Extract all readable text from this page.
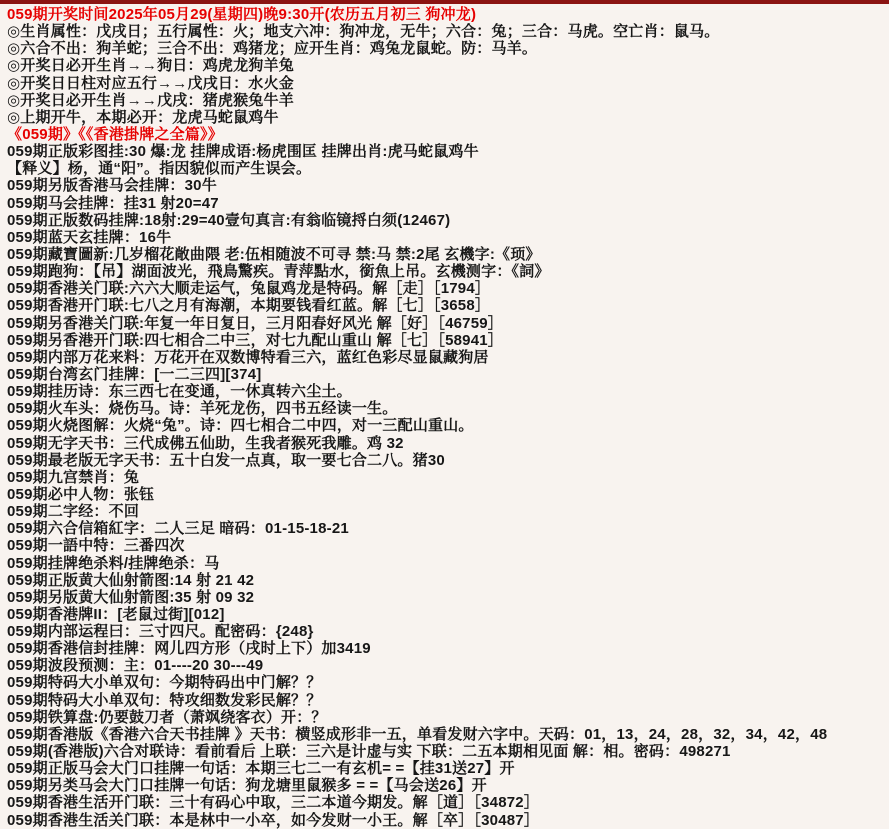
059期开奖时间2025年05月29(星期四)晚9:30开(农历五月初三 狗冲龙)
◎生肖属性：戊戌日；五行属性：火；地支六冲：狗冲龙，无牛；六合：兔；三合：马虎。空亡肖：鼠马。
◎六合不出：狗羊蛇；三合不出：鸡猪龙；应开生肖：鸡兔龙鼠蛇。防：马羊。
◎开奖日必开生肖→→狗日：鸡虎龙狗羊兔
◎开奖日日柱对应五行→→戊戌日：水火金
◎开奖日必开生肖→→戊戌：猪虎猴兔牛羊
◎上期开牛，本期必开：龙虎马蛇鼠鸡牛
《059期》《《香港掛牌之全篇》》
059期正版彩图挂:30 爆:龙 挂牌成语:杨虎围匡 挂牌出肖:虎马蛇鼠鸡牛
【释义】杨，通“阳”。指因貌似而产生误会。
059期另版香港马会挂牌：30牛
059期马会挂牌：挂31 射20=47
059期正版数码挂牌:18射:29=40壹句真言:有翁临镜捋白须(12467)
059期蓝天玄挂牌：16牛
059期藏寶圖新:几岁榴花敞曲隈 老:伍相随波不可寻 禁:马 禁:2尾 玄機字:《顼》
059期跑狗：【吊】湖面波光，飛鳥驚疾。青萍點水，銜魚上吊。玄機测字：《詞》
059期香港关门联:六六大顺走运气，兔鼠鸡龙是特码。解［走］［1794］
059期香港开门联:七八之月有海潮，本期要钱看红蓝。解［七］［3658］
059期另香港关门联:年复一年日复日，三月阳春好风光 解［好］［46759］
059期另香港开门联:四七相合二中三，对七九配山重山 解［七］［58941］
059期内部万花来料：万花开在双数博特看三六，蓝红色彩尽显鼠藏狗居
059期台湾玄门挂牌：[一二三四][374]
059期挂历诗：东三西七在变通，一休真转六尘土。
059期火车头：烧伤马。诗：羊死龙伤，四书五经读一生。
059期火烧图解：火烧“兔”。诗：四七相合二中四，对一三配山重山。
059期无字天书：三代成佛五仙助，生我者猴死我雕。鸡 32
059期最老版无字天书：五十白发一点真，取一要七合二八。猪30
059期九宫禁肖：兔
059期必中人物：张钰
059期二字经：不回
059期六合信箱紅字：二人三足 暗码：01-15-18-21
059期一語中特：三番四次
059期挂牌绝杀料/挂牌绝杀：马
059期正版黄大仙射箭图:14 射 21 42
059期另版黄大仙射箭图:35 射 09 32
059期香港牌II：[老鼠过街][012]
059期内部运程曰：三寸四尺。配密码：{248}
059期香港信封挂牌：网儿四方形（戌时上下）加3419
059期波段预测：主：01----20 30---49
059期特码大小单双句：今期特码出中门解？？
059期特码大小单双句：特攻细数发彩民解？？
059期铁算盘:仍要鼓刀者（萧飒绕客衣）开：？
059期香港版《香港六合天书挂牌 》天书：横竖成形非一五，单看发财六字中。天码：01，13，24，28，32，34，42，48
059期(香港版)六合对联诗：看前看后 上联：三六是计虚与实 下联：二五本期相见面 解：相。密码：498271
059期正版马会大门口挂牌一句话：本期三七二一有玄机= =【挂31送27】开
059期另类马会大门口挂牌一句话：狗龙塘里鼠猴多 = =【马会送26】开
059期香港生活开门联：三十有码心中取，三二本道今期发。解［道］［34872］
059期香港生活关门联：本是林中一小卒，如今发财一小王。解［卒］［30487］
